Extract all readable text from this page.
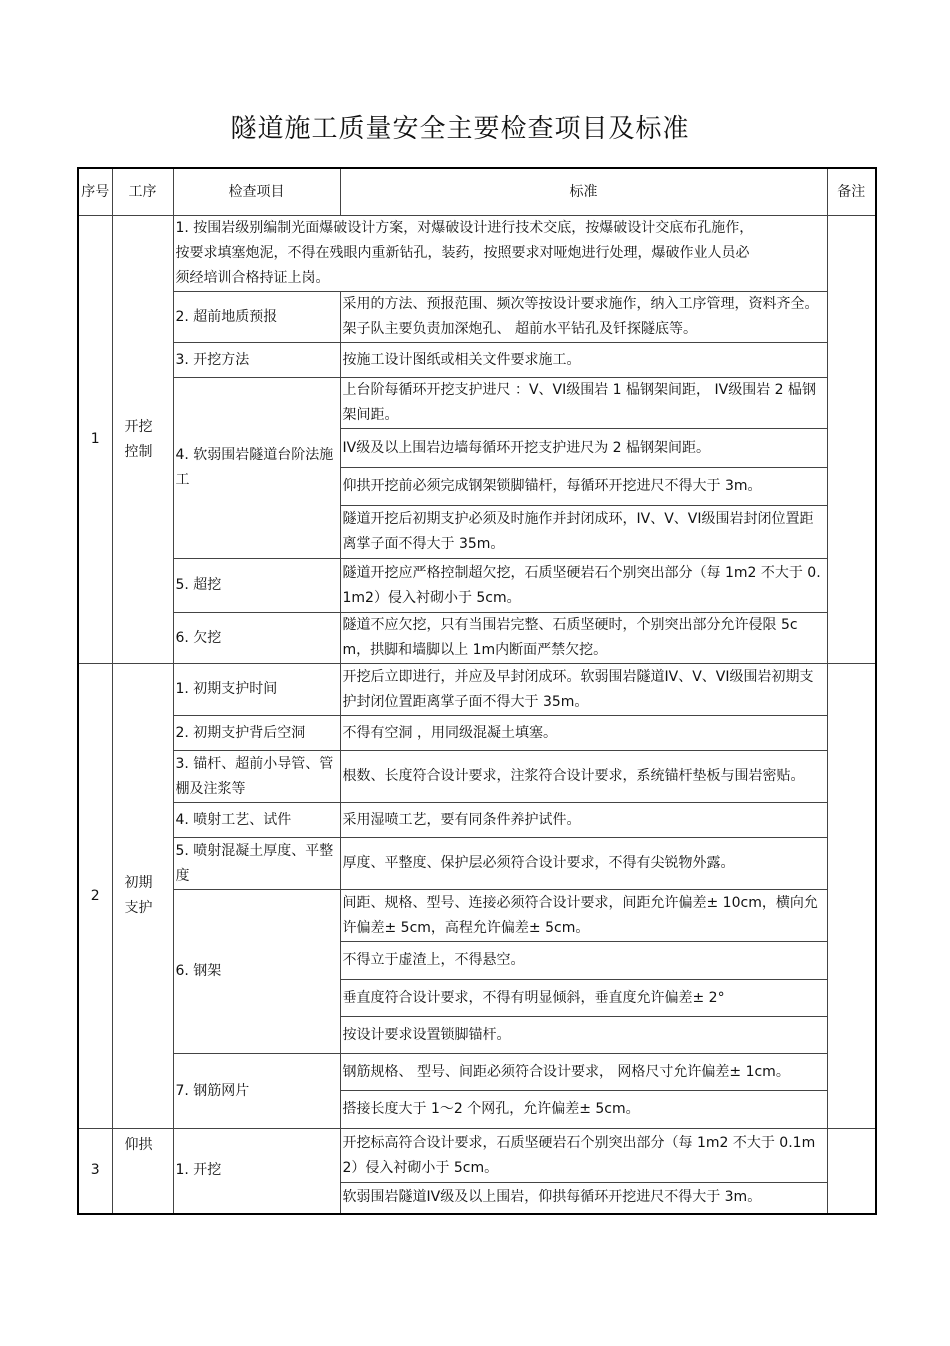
隧道施工质量安全主要检查项目及标准
序号	工序	检查项目	标准	备注
1	开挖控制	1. 按围岩级别编制光面爆破设计方案，对爆破设计进行技术交底，按爆破设计交底布孔施作，按要求填塞炮泥，不得在残眼内重新钻孔，装药，按照要求对哑炮进行处理，爆破作业人员必须经培训合格持证上岗。		
		2. 超前地质预报	采用的方法、预报范围、频次等按设计要求施作，纳入工序管理，资料齐全。 架子队主要负责加深炮孔、 超前水平钻孔及钎探隧底等。	
		3. 开挖方法	按施工设计图纸或相关文件要求施工。	
		4. 软弱围岩隧道台阶法施工	上台阶每循环开挖支护进尺 ：V、VI级围岩 1 榀钢架间距， IV级围岩 2 榀钢架间距。	
			IV级及以上围岩边墙每循环开挖支护进尺为 2 榀钢架间距。	
			仰拱开挖前必须完成钢架锁脚锚杆，每循环开挖进尺不得大于 3m。	
			隧道开挖后初期支护必须及时施作并封闭成环，IV、V、VI级围岩封闭位置距离掌子面不得大于 35m。	
		5. 超挖	隧道开挖应严格控制超欠挖，石质坚硬岩石个别突出部分（每 1m2 不大于 0.1m2）侵入衬砌小于 5cm。	
		6. 欠挖	隧道不应欠挖，只有当围岩完整、石质坚硬时，个别突出部分允许侵限 5cm，拱脚和墙脚以上 1m内断面严禁欠挖。	
2	初期支护	1. 初期支护时间	开挖后立即进行，并应及早封闭成环。软弱围岩隧道IV、V、VI级围岩初期支护封闭位置距离掌子面不得大于 35m。	
		2. 初期支护背后空洞	不得有空洞 ，用同级混凝土填塞。	
		3. 锚杆、超前小导管、管棚及注浆等	根数、长度符合设计要求，注浆符合设计要求，系统锚杆垫板与围岩密贴。	
		4. 喷射工艺、试件	采用湿喷工艺，要有同条件养护试件。	
		5. 喷射混凝土厚度、平整度	厚度、平整度、保护层必须符合设计要求，不得有尖锐物外露。	
		6. 钢架	间距、规格、型号、连接必须符合设计要求，间距允许偏差± 10cm，横向允许偏差± 5cm，高程允许偏差± 5cm。	
			不得立于虚渣上，不得悬空。	
			垂直度符合设计要求，不得有明显倾斜，垂直度允许偏差± 2°	
			按设计要求设置锁脚锚杆。	
		7. 钢筋网片	钢筋规格、 型号、间距必须符合设计要求， 网格尺寸允许偏差± 1cm。	
			搭接长度大于 1～2 个网孔，允许偏差± 5cm。	

3	仰拱	1. 开挖	开挖标高符合设计要求，石质坚硬岩石个别突出部分（每 1m2 不大于 0.1m2）侵入衬砌小于 5cm。	
			软弱围岩隧道IV级及以上围岩，仰拱每循环开挖进尺不得大于 3m。	
